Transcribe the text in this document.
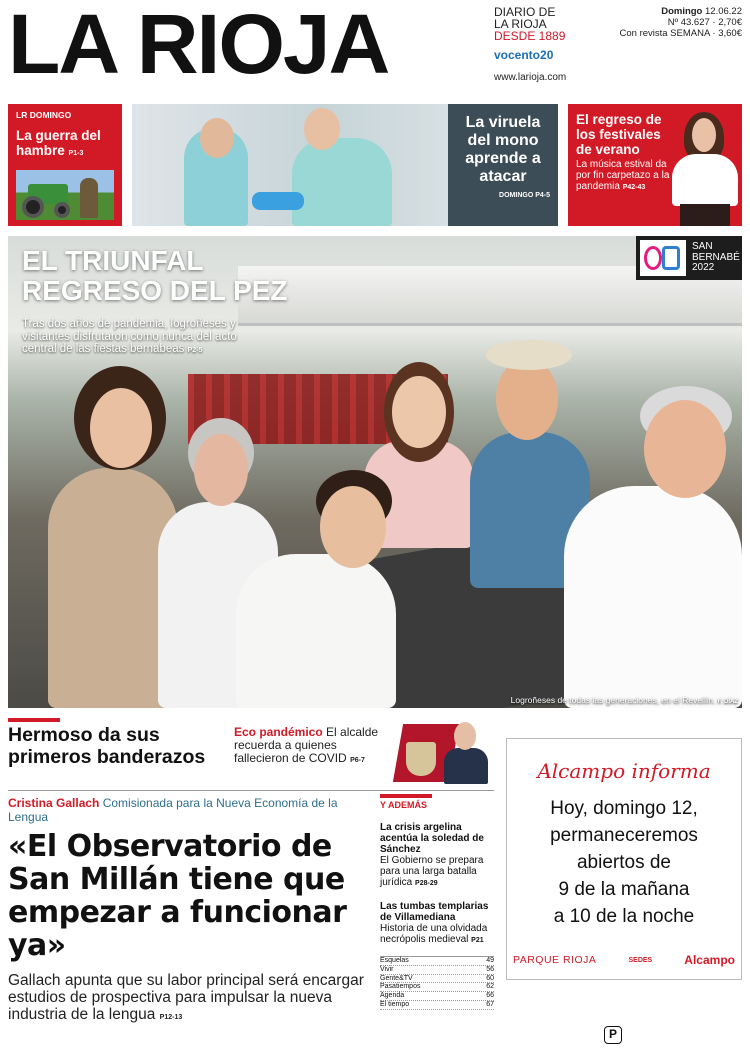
LA RIOJA	DIARIO DE
LA RIOJA
DESDE 1889
vocento20
www.larioja.com
Domingo 12.06.22
Nº 43.627 · 2,70€
Con revista SEMANA · 3,60€
LR DOMINGO
La guerra del hambre P1-3
La viruela del mono aprende a atacar
DOMINGO P4-5
El regreso de los festivales de verano
La música estival da por fin carpetazo a la pandemia P42-43
EL TRIUNFAL
REGRESO DEL PEZ
Tras dos años de pandemia, logroñeses y visitantes disfrutaron como nunca del acto central de las fiestas bernabeas P2-5
SAN
BERNABÉ
2022
Logroñeses de todas las generaciones, en el Revellín. F. DÍAZ
Hermoso da sus primeros banderazos
Eco pandémico El alcalde recuerda a quienes fallecieron de COVID P6-7
Cristina Gallach Comisionada para la Nueva Economía de la Lengua
«El Observatorio de San Millán tiene que empezar a funcionar ya»
Gallach apunta que su labor principal será encargar estudios de prospectiva para impulsar la nueva industria de la lengua P12-13
Y ADEMÁS
La crisis argelina acentúa la soledad de Sánchez
El Gobierno se prepara para una larga batalla jurídica P28-29
Las tumbas templarias de Villamediana
Historia de una olvidada necrópolis medieval P21
Esquelas	49
Vivir	56
Gente&TV	60
Pasatiempos	62
Agenda	66
El tiempo	67
Alcampo informa
Hoy, domingo 12,
permaneceremos
abiertos de
9 de la mañana
a 10 de la noche
PARQUE RIOJA	SEDES	Alcampo
P
